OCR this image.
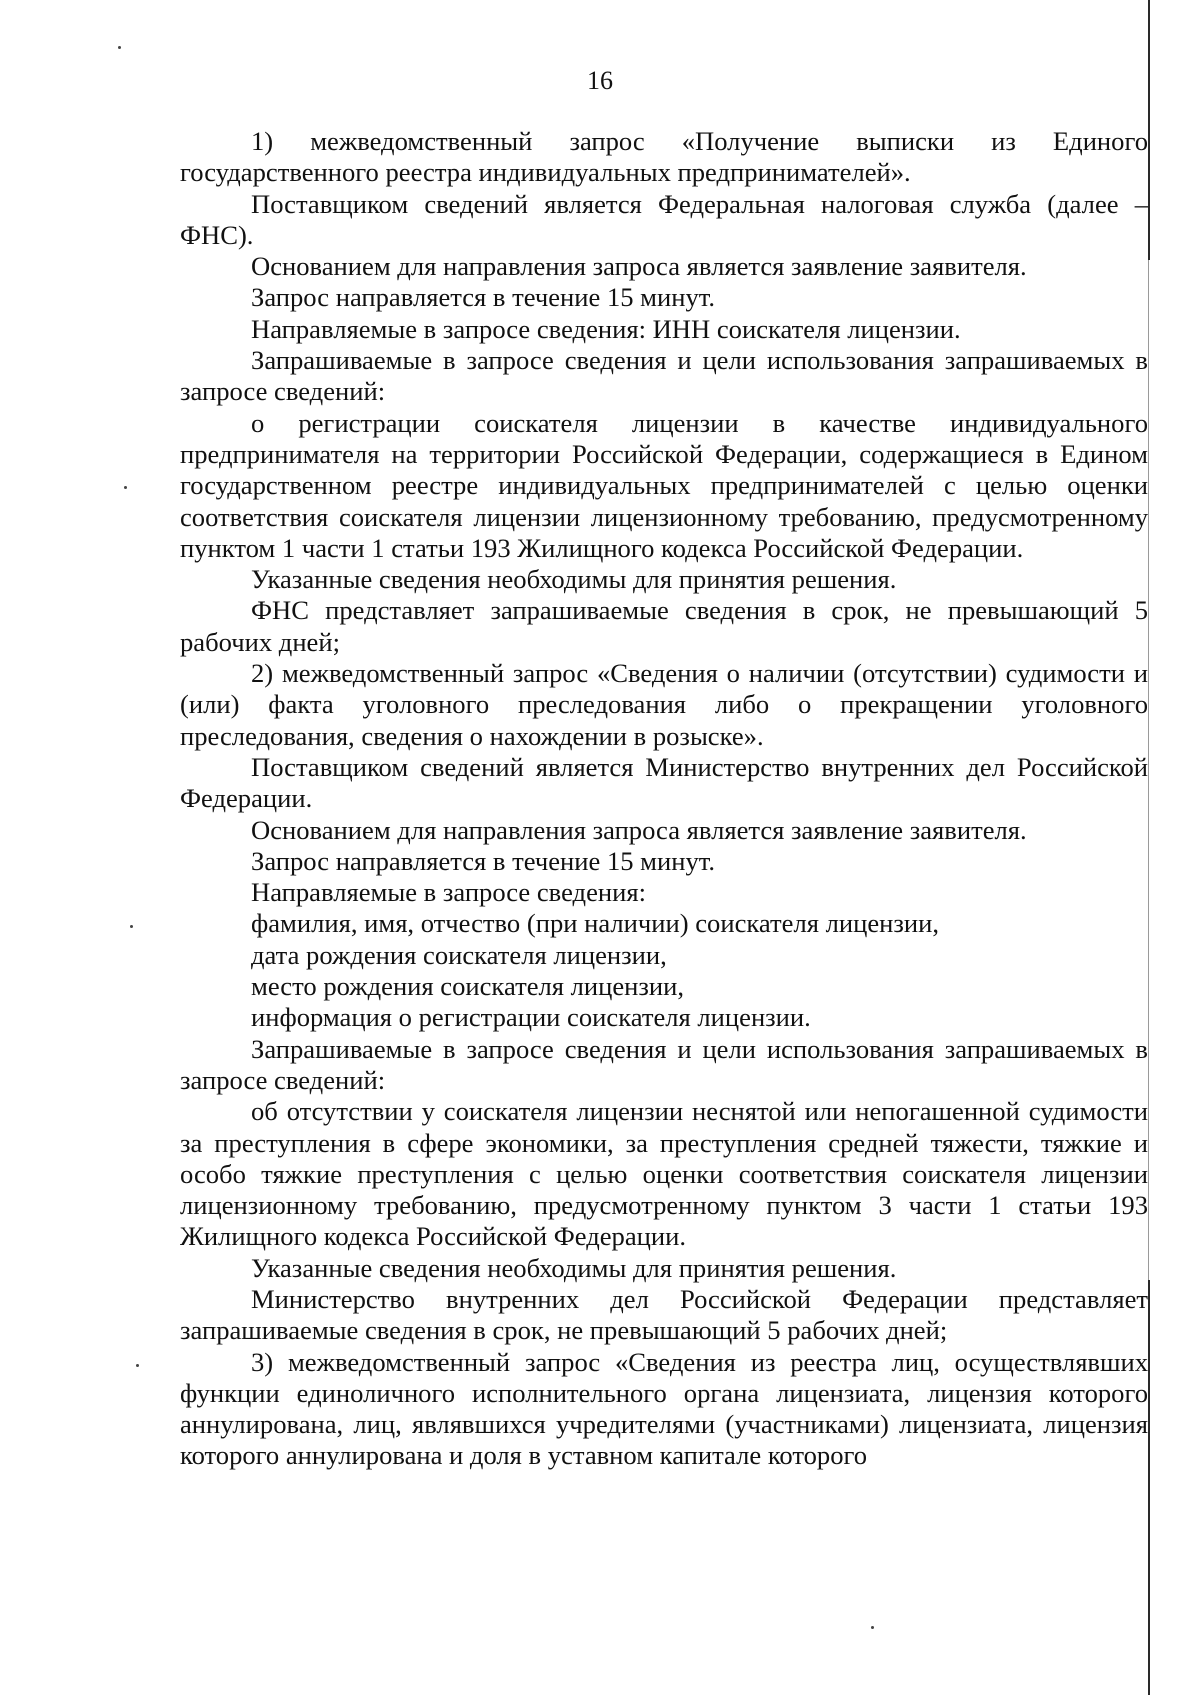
16

1) межведомственный запрос «Получение выписки из Единого государственного реестра индивидуальных предпринимателей».

Поставщиком сведений является Федеральная налоговая служба (далее – ФНС).

Основанием для направления запроса является заявление заявителя.

Запрос направляется в течение 15 минут.

Направляемые в запросе сведения: ИНН соискателя лицензии.

Запрашиваемые в запросе сведения и цели использования запрашиваемых в запросе сведений:

о регистрации соискателя лицензии в качестве индивидуального предпринимателя на территории Российской Федерации, содержащиеся в Едином государственном реестре индивидуальных предпринимателей с целью оценки соответствия соискателя лицензии лицензионному требованию, предусмотренному пунктом 1 части 1 статьи 193 Жилищного кодекса Российской Федерации.

Указанные сведения необходимы для принятия решения.

ФНС представляет запрашиваемые сведения в срок, не превышающий 5 рабочих дней;

2) межведомственный запрос «Сведения о наличии (отсутствии) судимости и (или) факта уголовного преследования либо о прекращении уголовного преследования, сведения о нахождении в розыске».

Поставщиком сведений является Министерство внутренних дел Российской Федерации.

Основанием для направления запроса является заявление заявителя.

Запрос направляется в течение 15 минут.

Направляемые в запросе сведения:

фамилия, имя, отчество (при наличии) соискателя лицензии,

дата рождения соискателя лицензии,

место рождения соискателя лицензии,

информация о регистрации соискателя лицензии.

Запрашиваемые в запросе сведения и цели использования запрашиваемых в запросе сведений:

об отсутствии у соискателя лицензии неснятой или непогашенной судимости за преступления в сфере экономики, за преступления средней тяжести, тяжкие и особо тяжкие преступления с целью оценки соответствия соискателя лицензии лицензионному требованию, предусмотренному пунктом 3 части 1 статьи 193 Жилищного кодекса Российской Федерации.

Указанные сведения необходимы для принятия решения.

Министерство внутренних дел Российской Федерации представляет запрашиваемые сведения в срок, не превышающий 5 рабочих дней;

3) межведомственный запрос «Сведения из реестра лиц, осуществлявших функции единоличного исполнительного органа лицензиата, лицензия которого аннулирована, лиц, являвшихся учредителями (участниками) лицензиата, лицензия которого аннулирована и доля в уставном капитале которого
